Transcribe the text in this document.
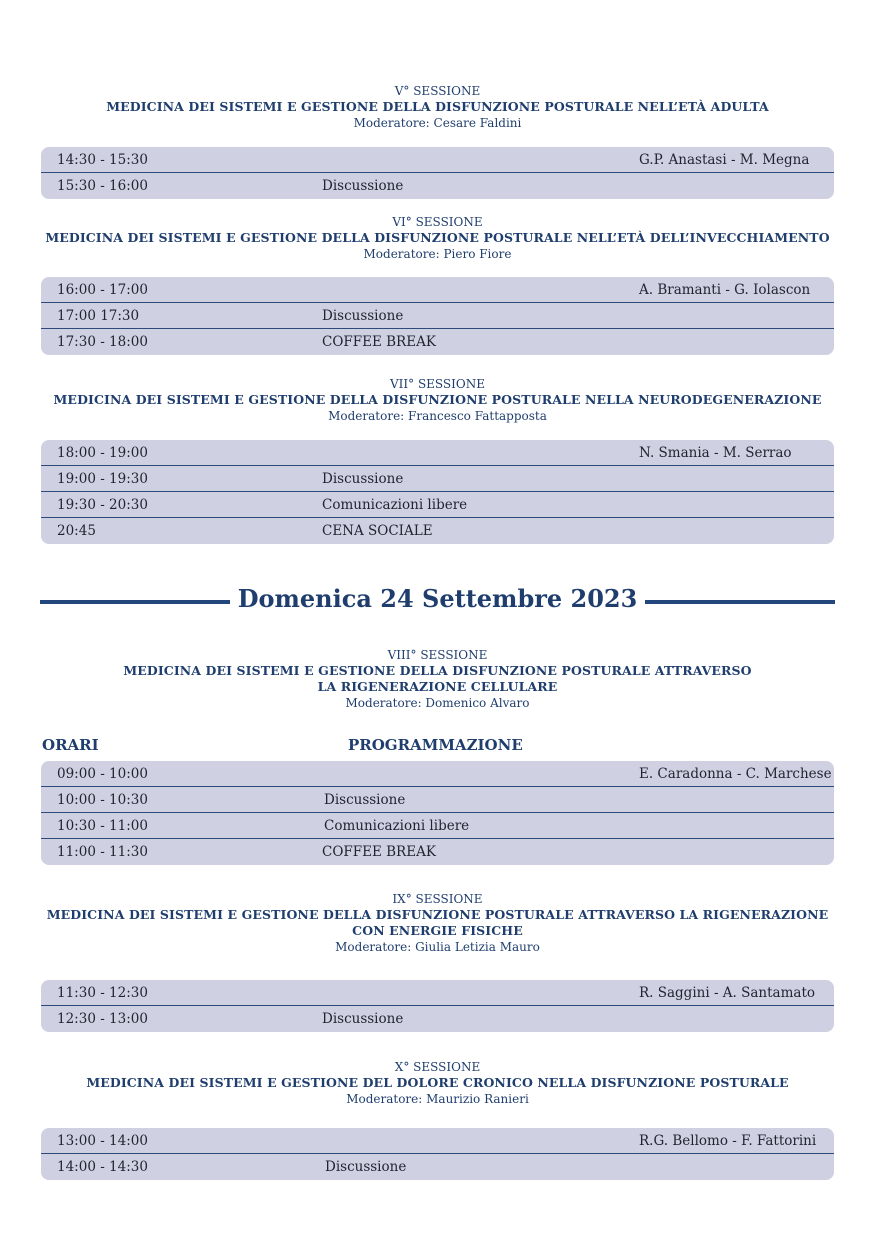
V° SESSIONE
MEDICINA DEI SISTEMI E GESTIONE DELLA DISFUNZIONE POSTURALE NELL’ETÀ ADULTA
Moderatore: Cesare Faldini
14:30 - 15:30	G.P. Anastasi - M. Megna
15:30 - 16:00	Discussione
VI° SESSIONE
MEDICINA DEI SISTEMI E GESTIONE DELLA DISFUNZIONE POSTURALE NELL’ETÀ DELL’INVECCHIAMENTO
Moderatore: Piero Fiore
16:00 - 17:00	A. Bramanti - G. Iolascon
17:00 17:30	Discussione
17:30 - 18:00	COFFEE BREAK
VII° SESSIONE
MEDICINA DEI SISTEMI E GESTIONE DELLA DISFUNZIONE POSTURALE NELLA NEURODEGENERAZIONE
Moderatore: Francesco Fattapposta
18:00 - 19:00	N. Smania - M. Serrao
19:00 - 19:30	Discussione
19:30 - 20:30	Comunicazioni libere
20:45	CENA SOCIALE
Domenica 24 Settembre 2023
VIII° SESSIONE
MEDICINA DEI SISTEMI E GESTIONE DELLA DISFUNZIONE POSTURALE ATTRAVERSO
LA RIGENERAZIONE CELLULARE
Moderatore: Domenico Alvaro
ORARI	PROGRAMMAZIONE
09:00 - 10:00	E. Caradonna - C. Marchese
10:00 - 10:30	Discussione
10:30 - 11:00	Comunicazioni libere
11:00 - 11:30	COFFEE BREAK
IX° SESSIONE
MEDICINA DEI SISTEMI E GESTIONE DELLA DISFUNZIONE POSTURALE ATTRAVERSO LA RIGENERAZIONE
CON ENERGIE FISICHE
Moderatore: Giulia Letizia Mauro
11:30 - 12:30	R. Saggini - A. Santamato
12:30 - 13:00	Discussione
X° SESSIONE
MEDICINA DEI SISTEMI E GESTIONE DEL DOLORE CRONICO NELLA DISFUNZIONE POSTURALE
Moderatore: Maurizio Ranieri
13:00 - 14:00	R.G. Bellomo - F. Fattorini
14:00 - 14:30	Discussione
